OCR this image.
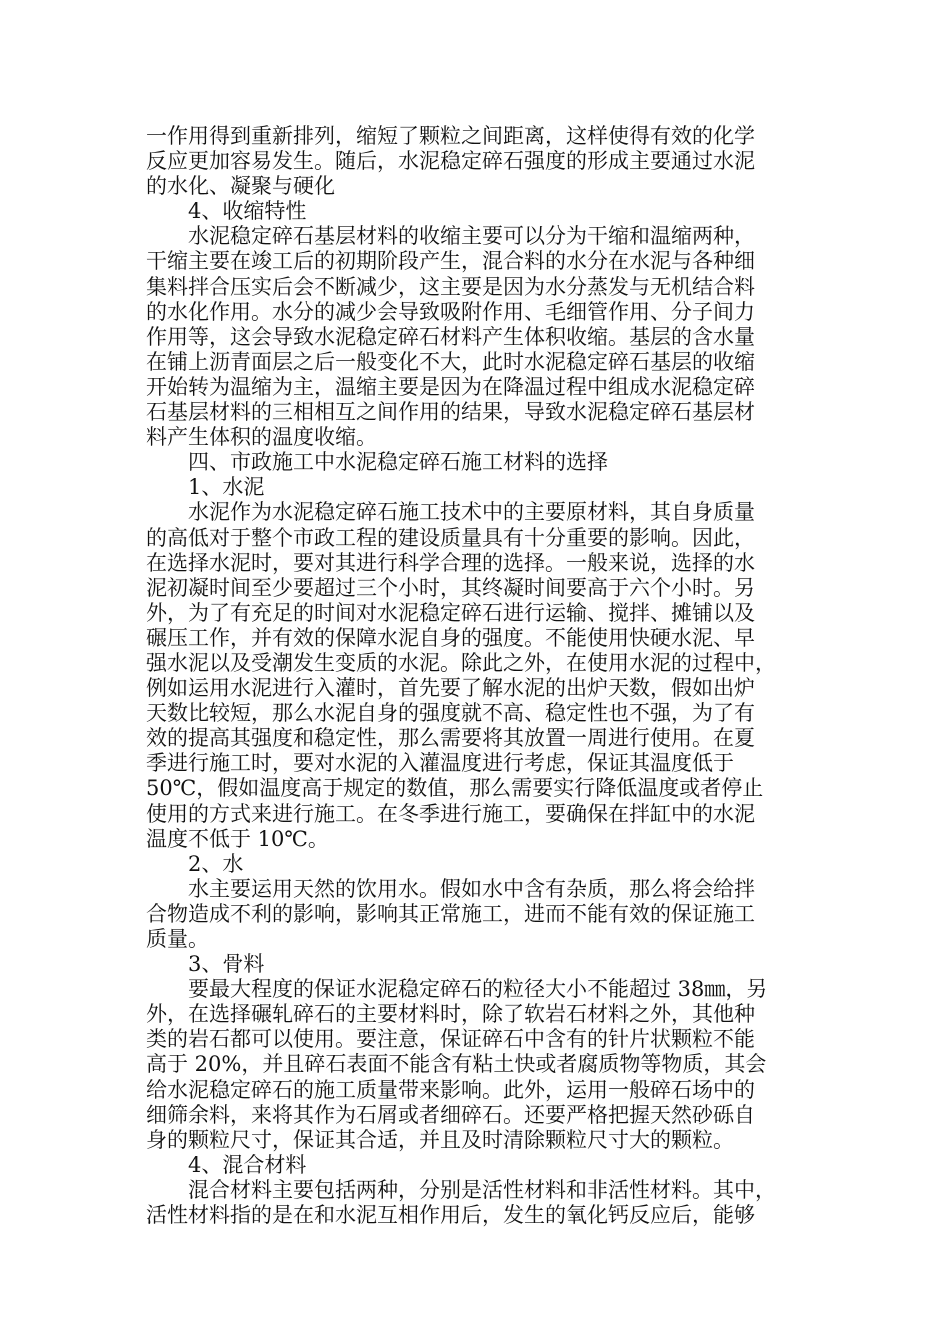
一作用得到重新排列，缩短了颗粒之间距离，这样使得有效的化学
反应更加容易发生。随后，水泥稳定碎石强度的形成主要通过水泥
的水化、凝聚与硬化
4、收缩特性
水泥稳定碎石基层材料的收缩主要可以分为干缩和温缩两种，
干缩主要在竣工后的初期阶段产生，混合料的水分在水泥与各种细
集料拌合压实后会不断减少，这主要是因为水分蒸发与无机结合料
的水化作用。水分的减少会导致吸附作用、毛细管作用、分子间力
作用等，这会导致水泥稳定碎石材料产生体积收缩。基层的含水量
在铺上沥青面层之后一般变化不大，此时水泥稳定碎石基层的收缩
开始转为温缩为主，温缩主要是因为在降温过程中组成水泥稳定碎
石基层材料的三相相互之间作用的结果，导致水泥稳定碎石基层材
料产生体积的温度收缩。
四、市政施工中水泥稳定碎石施工材料的选择
1、水泥
水泥作为水泥稳定碎石施工技术中的主要原材料，其自身质量
的高低对于整个市政工程的建设质量具有十分重要的影响。因此，
在选择水泥时，要对其进行科学合理的选择。一般来说，选择的水
泥初凝时间至少要超过三个小时，其终凝时间要高于六个小时。另
外，为了有充足的时间对水泥稳定碎石进行运输、搅拌、摊铺以及
碾压工作，并有效的保障水泥自身的强度。不能使用快硬水泥、早
强水泥以及受潮发生变质的水泥。除此之外，在使用水泥的过程中，
例如运用水泥进行入灌时，首先要了解水泥的出炉天数，假如出炉
天数比较短，那么水泥自身的强度就不高、稳定性也不强，为了有
效的提高其强度和稳定性，那么需要将其放置一周进行使用。在夏
季进行施工时，要对水泥的入灌温度进行考虑，保证其温度低于
50℃，假如温度高于规定的数值，那么需要实行降低温度或者停止
使用的方式来进行施工。在冬季进行施工，要确保在拌缸中的水泥
温度不低于 10℃。
2、水
水主要运用天然的饮用水。假如水中含有杂质，那么将会给拌
合物造成不利的影响，影响其正常施工，进而不能有效的保证施工
质量。
3、骨料
要最大程度的保证水泥稳定碎石的粒径大小不能超过 38㎜，另
外，在选择碾轧碎石的主要材料时，除了软岩石材料之外，其他种
类的岩石都可以使用。要注意，保证碎石中含有的针片状颗粒不能
高于 20%，并且碎石表面不能含有粘土快或者腐质物等物质，其会
给水泥稳定碎石的施工质量带来影响。此外，运用一般碎石场中的
细筛余料，来将其作为石屑或者细碎石。还要严格把握天然砂砾自
身的颗粒尺寸，保证其合适，并且及时清除颗粒尺寸大的颗粒。
4、混合材料
混合材料主要包括两种，分别是活性材料和非活性材料。其中，
活性材料指的是在和水泥互相作用后，发生的氧化钙反应后，能够
